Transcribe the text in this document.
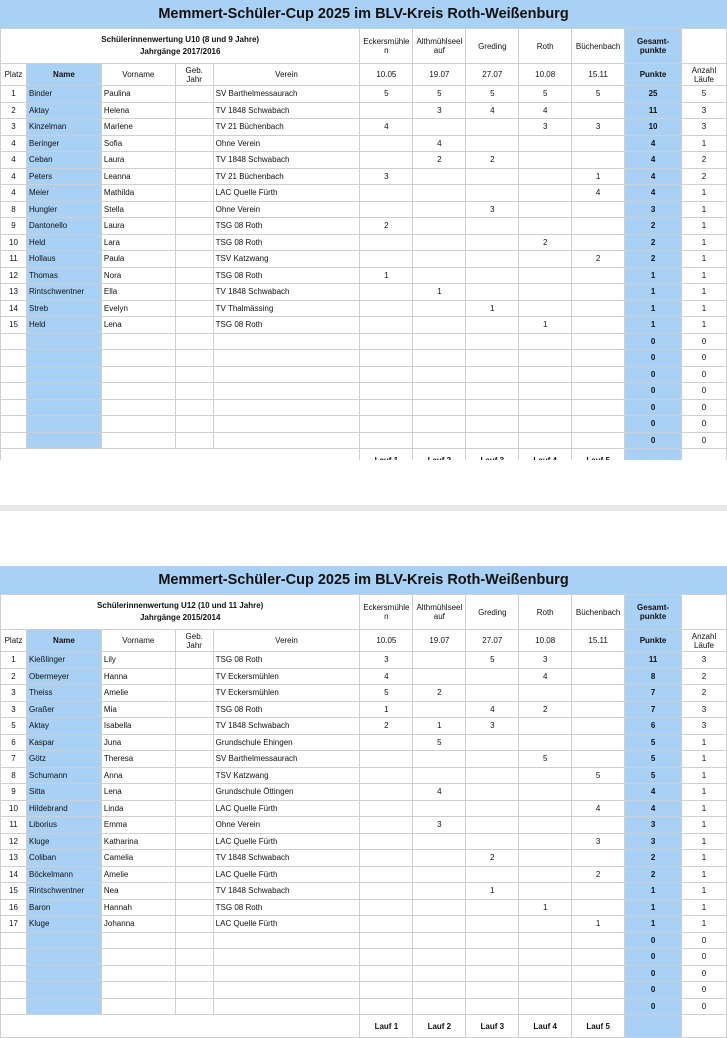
Memmert-Schüler-Cup 2025 im BLV-Kreis Roth-Weißenburg
Schülerinnenwertung U10 (8 und 9 Jahre)
Jahrgänge 2017/2016					Eckersmühle n	Althmühlseel auf	Greding	Roth	Büchenbach	Gesamt-punkte	
Platz	Name	Vorname	Geb. Jahr	Verein	10.05	19.07	27.07	10.08	15.11	Punkte	Anzahl Läufe
1	Binder	Paulina		SV Barthelmessaurach	5	5	5	5	5	25	5
2	Aktay	Helena		TV 1848 Schwabach		3	4	4		11	3
3	Kinzelman	Marlene		TV 21 Büchenbach	4			3	3	10	3
4	Beringer	Sofia		Ohne Verein		4				4	1
4	Ceban	Laura		TV 1848 Schwabach		2	2			4	2
4	Peters	Leanna		TV 21 Büchenbach	3				1	4	2
4	Meier	Mathilda		LAC Quelle Fürth					4	4	1
8	Hungler	Stella		Ohne Verein			3			3	1
9	Dantonello	Laura		TSG 08 Roth	2					2	1
10	Held	Lara		TSG 08 Roth				2		2	1
11	Hollaus	Paula		TSV Katzwang					2	2	1
12	Thomas	Nora		TSG 08 Roth	1					1	1
13	Rintschwentner	Ella		TV 1848 Schwabach		1				1	1
14	Streb	Evelyn		TV Thalmässing			1			1	1
15	Held	Lena		TSG 08 Roth				1		1	1
										0	0
										0	0
										0	0
										0	0
										0	0
										0	0
										0	0

Memmert-Schüler-Cup 2025 im BLV-Kreis Roth-Weißenburg
Schülerinnenwertung U12 (10 und 11 Jahre)
Jahrgänge 2015/2014					Eckersmühle n	Althmühlseel auf	Greding	Roth	Büchenbach	Gesamt-punkte	
Platz	Name	Vorname	Geb. Jahr	Verein	10.05	19.07	27.07	10.08	15.11	Punkte	Anzahl Läufe
1	Kießlinger	Lily		TSG 08 Roth	3		5	3		11	3
2	Obermeyer	Hanna		TV Eckersmühlen	4			4		8	2
3	Theiss	Amelie		TV Eckersmühlen	5	2				7	2
3	Graßer	Mia		TSG 08 Roth	1		4	2		7	3
5	Aktay	Isabella		TV 1848 Schwabach	2	1	3			6	3
6	Kaspar	Juna		Grundschule Ehingen		5				5	1
7	Götz	Theresa		SV Barthelmessaurach				5		5	1
8	Schumann	Anna		TSV Katzwang					5	5	1
9	Sitta	Lena		Grundschule Öttingen		4				4	1
10	Hildebrand	Linda		LAC Quelle Fürth					4	4	1
11	Liborius	Emma		Ohne Verein		3				3	1
12	Kluge	Katharina		LAC Quelle Fürth					3	3	1
13	Coliban	Camelia		TV 1848 Schwabach			2			2	1
14	Böckelmann	Amelie		LAC Quelle Fürth					2	2	1
15	Rintschwentner	Nea		TV 1848 Schwabach			1			1	1
16	Baron	Hannah		TSG 08 Roth				1		1	1
17	Kluge	Johanna		LAC Quelle Fürth					1	1	1
										0	0
										0	0
										0	0
										0	0
										0	0
					Lauf 1	Lauf 2	Lauf 3	Lauf 4	Lauf 5		
